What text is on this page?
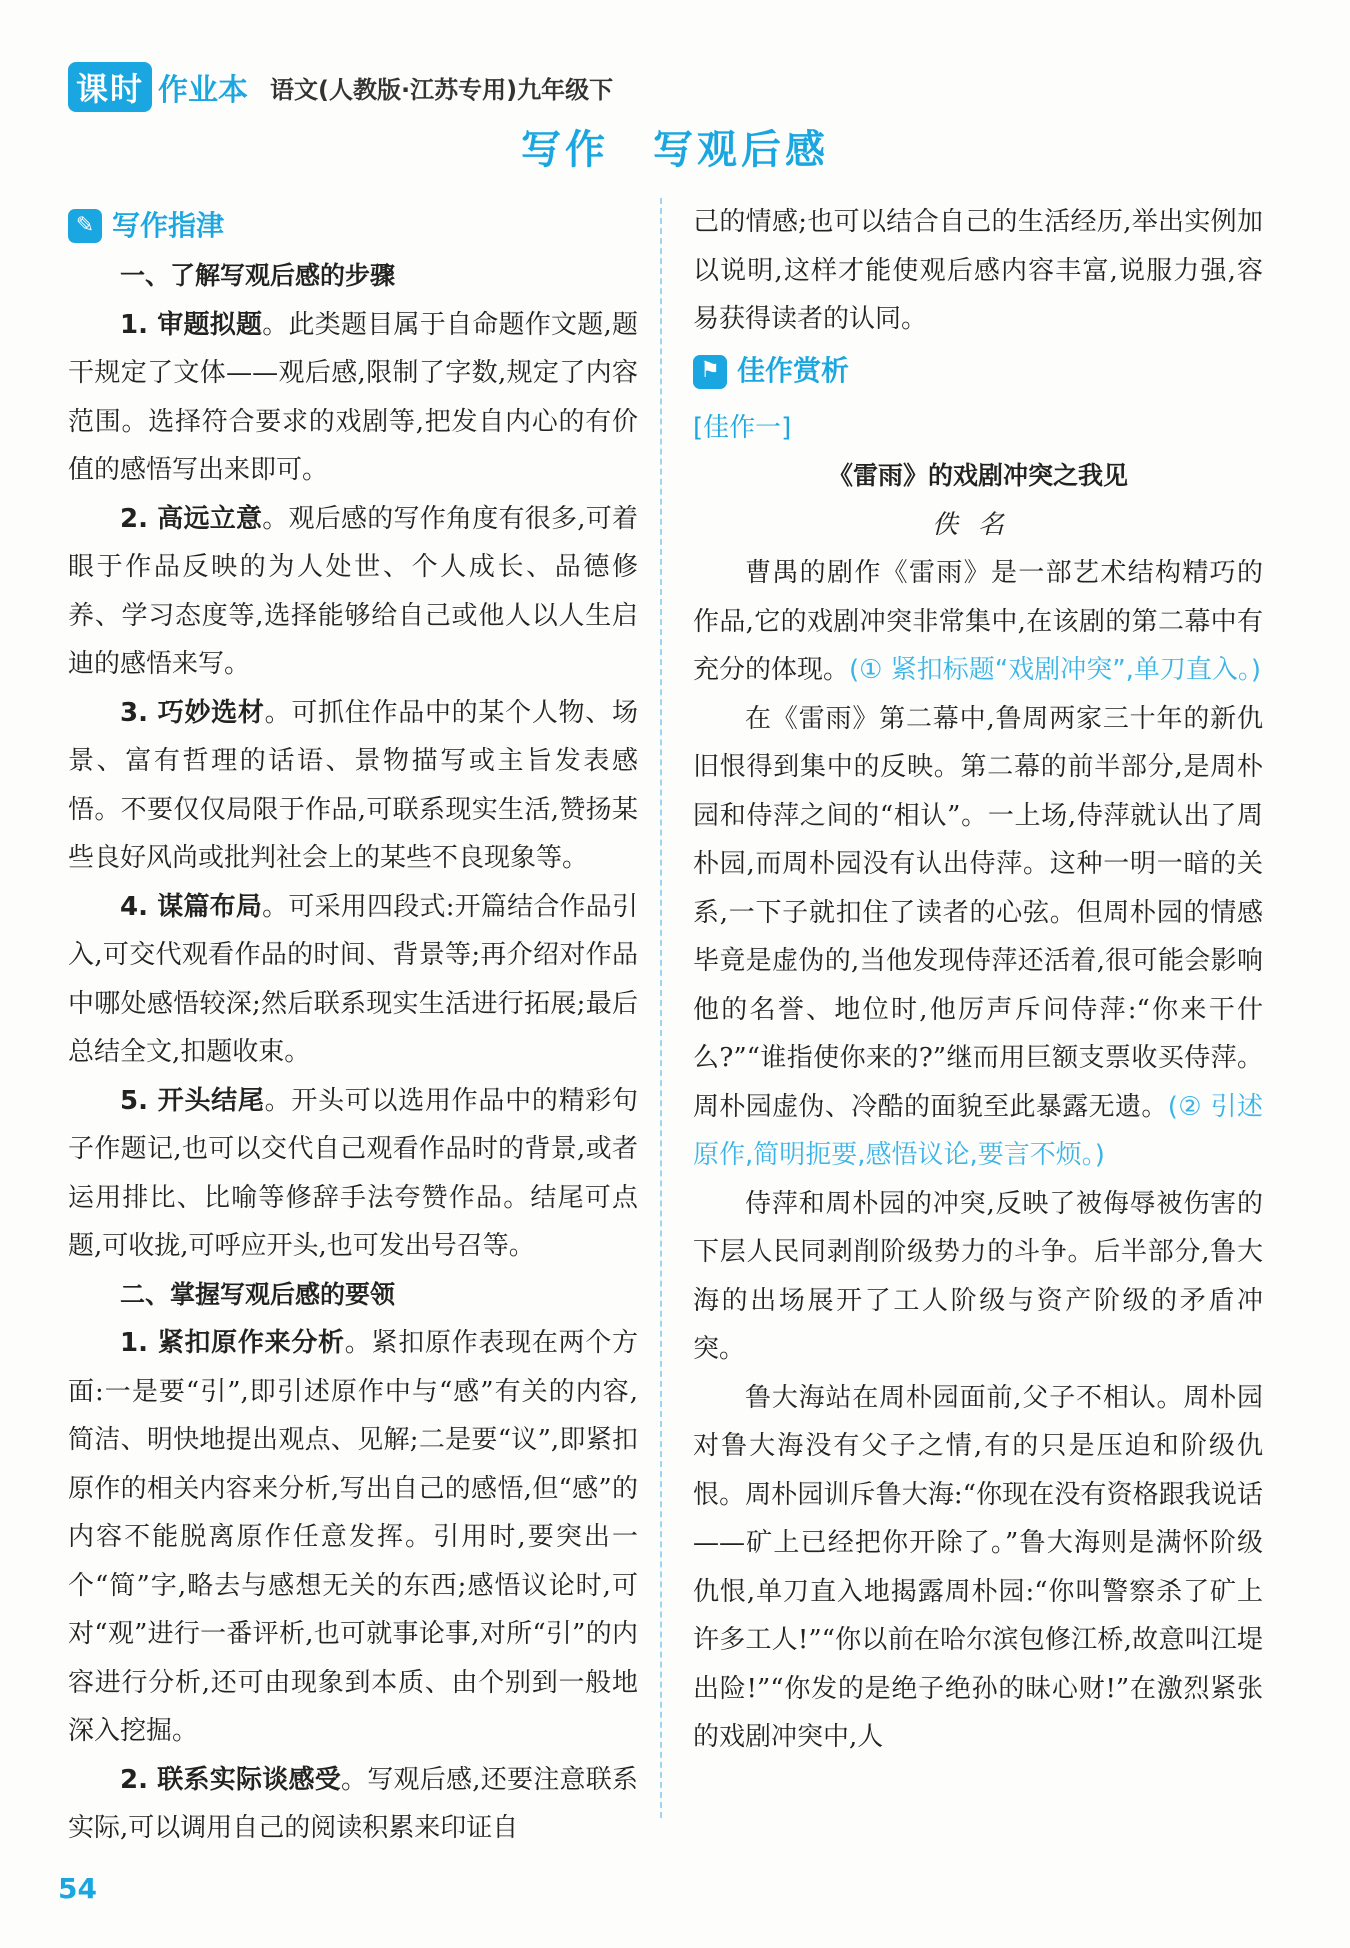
课时 作业本 语文(人教版·江苏专用)九年级下
写作　写观后感
✎ 写作指津
一、了解写观后感的步骤

1. 审题拟题。此类题目属于自命题作文题,题干规定了文体——观后感,限制了字数,规定了内容范围。选择符合要求的戏剧等,把发自内心的有价值的感悟写出来即可。

2. 高远立意。观后感的写作角度有很多,可着眼于作品反映的为人处世、个人成长、品德修养、学习态度等,选择能够给自己或他人以人生启迪的感悟来写。

3. 巧妙选材。可抓住作品中的某个人物、场景、富有哲理的话语、景物描写或主旨发表感悟。不要仅仅局限于作品,可联系现实生活,赞扬某些良好风尚或批判社会上的某些不良现象等。

4. 谋篇布局。可采用四段式:开篇结合作品引入,可交代观看作品的时间、背景等;再介绍对作品中哪处感悟较深;然后联系现实生活进行拓展;最后总结全文,扣题收束。

5. 开头结尾。开头可以选用作品中的精彩句子作题记,也可以交代自己观看作品时的背景,或者运用排比、比喻等修辞手法夸赞作品。结尾可点题,可收拢,可呼应开头,也可发出号召等。

二、掌握写观后感的要领

1. 紧扣原作来分析。紧扣原作表现在两个方面:一是要“引”,即引述原作中与“感”有关的内容,简洁、明快地提出观点、见解;二是要“议”,即紧扣原作的相关内容来分析,写出自己的感悟,但“感”的内容不能脱离原作任意发挥。引用时,要突出一个“简”字,略去与感想无关的东西;感悟议论时,可对“观”进行一番评析,也可就事论事,对所“引”的内容进行分析,还可由现象到本质、由个别到一般地深入挖掘。

2. 联系实际谈感受。写观后感,还要注意联系实际,可以调用自己的阅读积累来印证自

己的情感;也可以结合自己的生活经历,举出实例加以说明,这样才能使观后感内容丰富,说服力强,容易获得读者的认同。

⚑ 佳作赏析
[佳作一]
《雷雨》的戏剧冲突之我见
佚名

曹禺的剧作《雷雨》是一部艺术结构精巧的作品,它的戏剧冲突非常集中,在该剧的第二幕中有充分的体现。(① 紧扣标题“戏剧冲突”,单刀直入。)

在《雷雨》第二幕中,鲁周两家三十年的新仇旧恨得到集中的反映。第二幕的前半部分,是周朴园和侍萍之间的“相认”。一上场,侍萍就认出了周朴园,而周朴园没有认出侍萍。这种一明一暗的关系,一下子就扣住了读者的心弦。但周朴园的情感毕竟是虚伪的,当他发现侍萍还活着,很可能会影响他的名誉、地位时,他厉声斥问侍萍:“你来干什么?”“谁指使你来的?”继而用巨额支票收买侍萍。周朴园虚伪、冷酷的面貌至此暴露无遗。(② 引述原作,简明扼要,感悟议论,要言不烦。)

侍萍和周朴园的冲突,反映了被侮辱被伤害的下层人民同剥削阶级势力的斗争。后半部分,鲁大海的出场展开了工人阶级与资产阶级的矛盾冲突。

鲁大海站在周朴园面前,父子不相认。周朴园对鲁大海没有父子之情,有的只是压迫和阶级仇恨。周朴园训斥鲁大海:“你现在没有资格跟我说话——矿上已经把你开除了。”鲁大海则是满怀阶级仇恨,单刀直入地揭露周朴园:“你叫警察杀了矿上许多工人!”“你以前在哈尔滨包修江桥,故意叫江堤出险!”“你发的是绝子绝孙的昧心财!”在激烈紧张的戏剧冲突中,人

54
